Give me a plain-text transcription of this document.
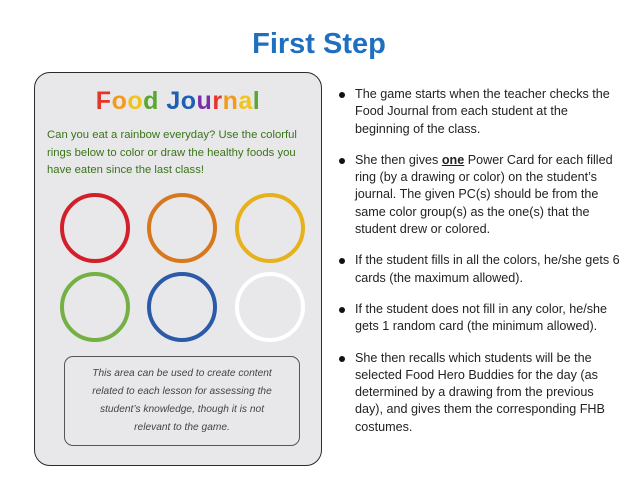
First Step
Food Journal
Can you eat a rainbow everyday? Use the colorful rings below to color or draw the healthy foods you have eaten since the last class!
This area can be used to create content related to each lesson for assessing the student’s knowledge, though it is not relevant to the game.
The game starts when the teacher checks the Food Journal from each student at the beginning of the class.
She then gives one Power Card for each filled ring (by a drawing or color) on the student’s journal. The given PC(s) should be from the same color group(s) as the one(s) that the student drew or colored.
If the student fills in all the colors, he/she gets 6 cards (the maximum allowed).
If the student does not fill in any color, he/she gets 1 random card (the minimum allowed).
She then recalls which students will be the selected Food Hero Buddies for the day (as determined by a drawing from the previous day), and gives them the corresponding FHB costumes.
